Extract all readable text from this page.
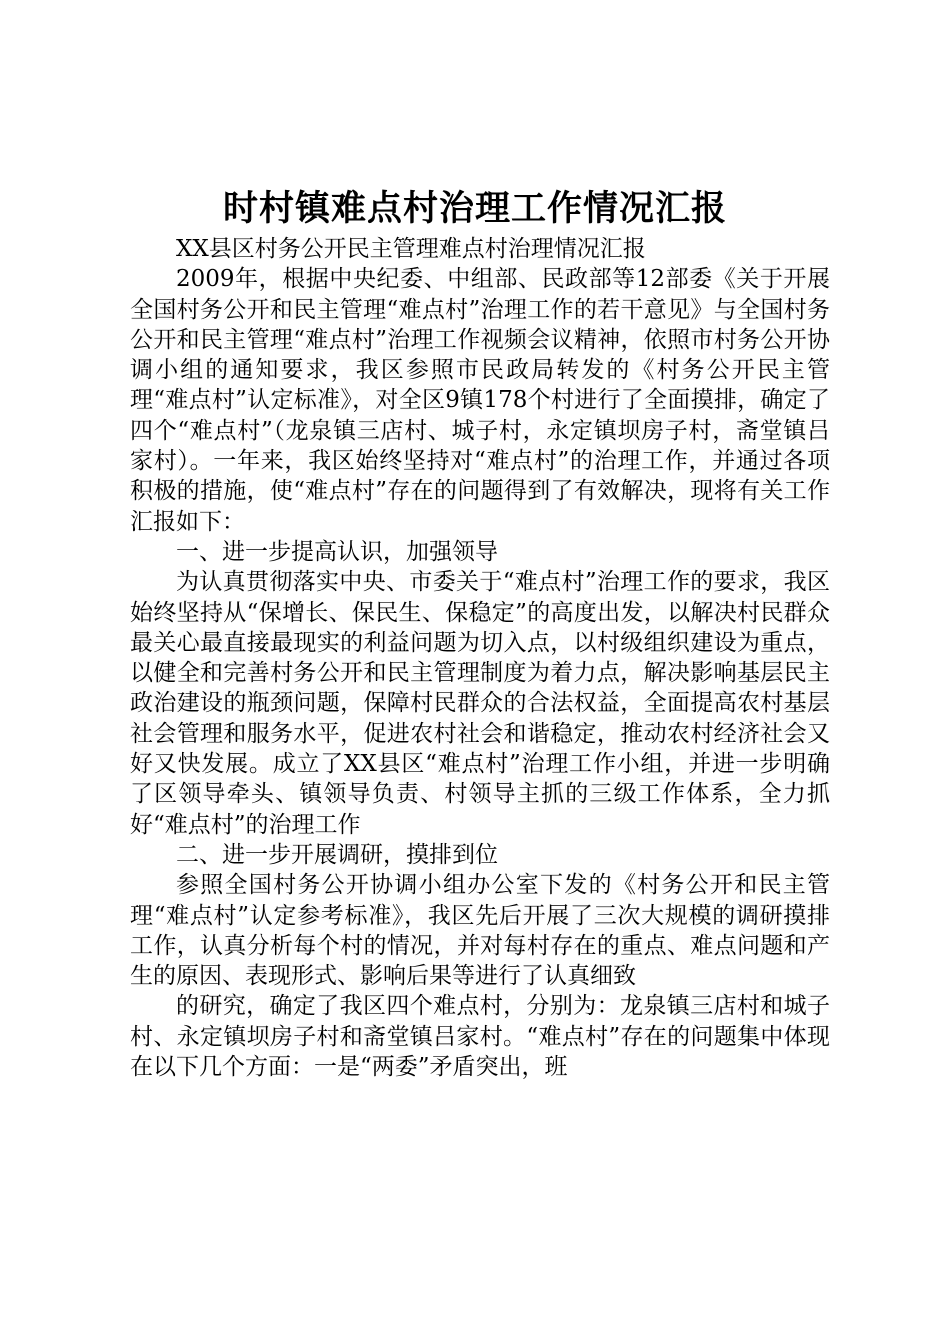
时村镇难点村治理工作情况汇报

XX县区村务公开民主管理难点村治理情况汇报

2009年，根据中央纪委、中组部、民政部等12部委《关于开展全国村务公开和民主管理“难点村”治理工作的若干意见》与全国村务公开和民主管理“难点村”治理工作视频会议精神，依照市村务公开协调小组的通知要求，我区参照市民政局转发的《村务公开民主管理“难点村”认定标准》，对全区9镇178个村进行了全面摸排，确定了四个“难点村”（龙泉镇三店村、城子村，永定镇坝房子村，斋堂镇吕家村）。一年来，我区始终坚持对“难点村”的治理工作，并通过各项积极的措施，使“难点村”存在的问题得到了有效解决，现将有关工作汇报如下：

一、进一步提高认识，加强领导

为认真贯彻落实中央、市委关于“难点村”治理工作的要求，我区始终坚持从“保增长、保民生、保稳定”的高度出发，以解决村民群众最关心最直接最现实的利益问题为切入点，以村级组织建设为重点，以健全和完善村务公开和民主管理制度为着力点，解决影响基层民主政治建设的瓶颈问题，保障村民群众的合法权益，全面提高农村基层社会管理和服务水平，促进农村社会和谐稳定，推动农村经济社会又好又快发展。成立了XX县区“难点村”治理工作小组，并进一步明确了区领导牵头、镇领导负责、村领导主抓的三级工作体系，全力抓好“难点村”的治理工作

二、进一步开展调研，摸排到位

参照全国村务公开协调小组办公室下发的《村务公开和民主管理“难点村”认定参考标准》，我区先后开展了三次大规模的调研摸排工作，认真分析每个村的情况，并对每村存在的重点、难点问题和产生的原因、表现形式、影响后果等进行了认真细致

的研究，确定了我区四个难点村，分别为：龙泉镇三店村和城子村、永定镇坝房子村和斋堂镇吕家村。“难点村”存在的问题集中体现在以下几个方面：一是“两委”矛盾突出，班
